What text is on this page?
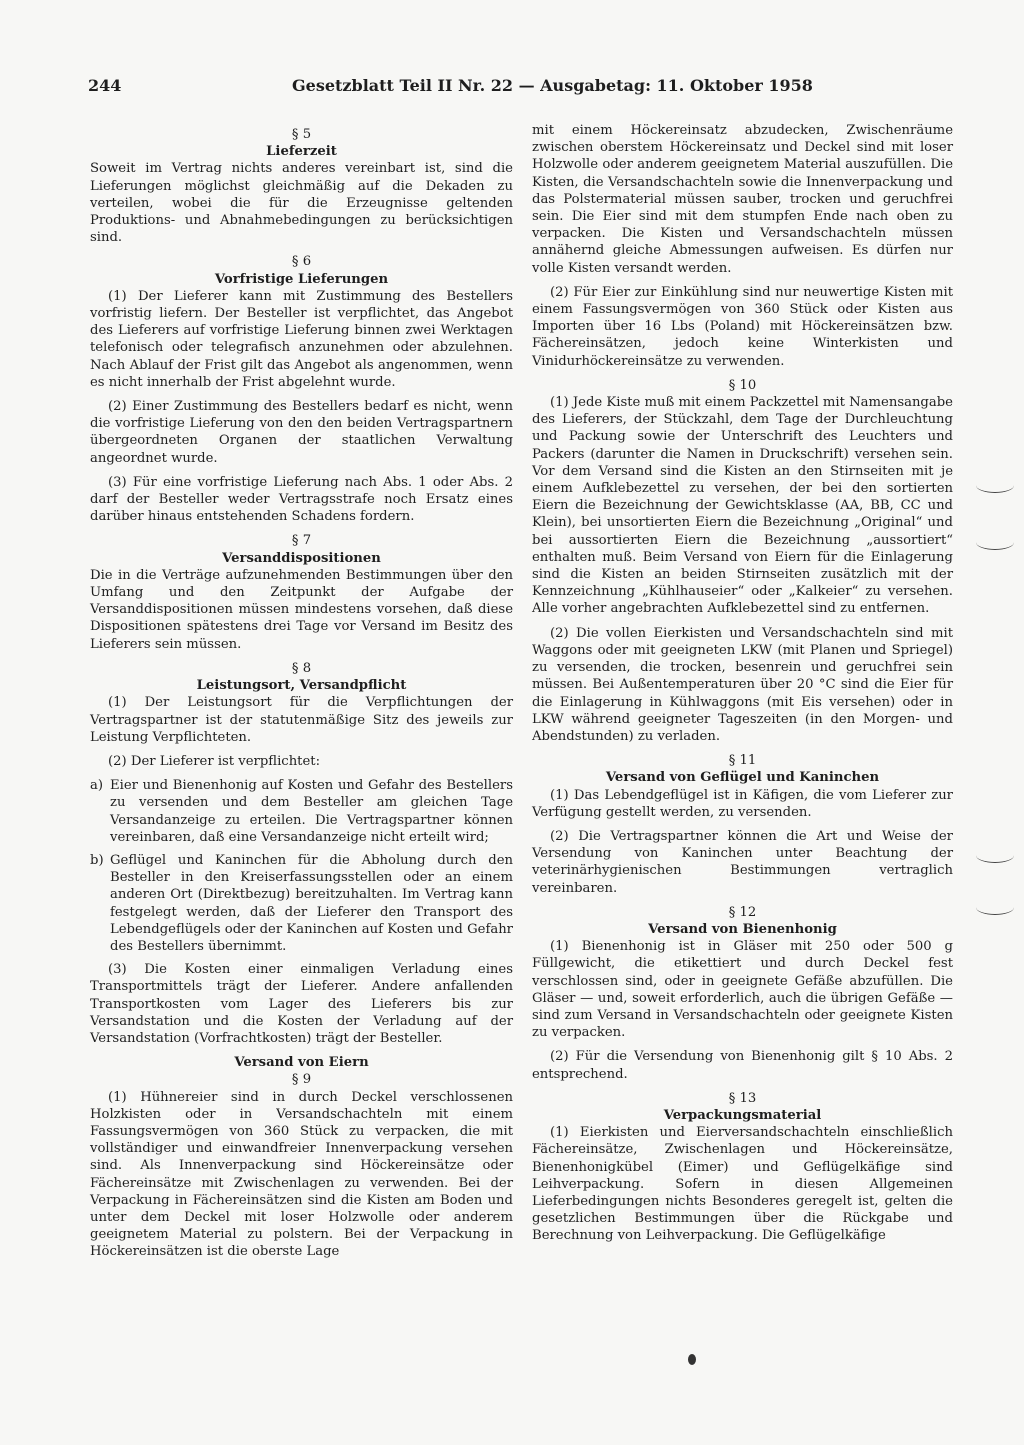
244	Gesetzblatt Teil II Nr. 22 — Ausgabetag: 11. Oktober 1958
§ 5
Lieferzeit

Soweit im Vertrag nichts anderes vereinbart ist, sind die Lieferungen möglichst gleichmäßig auf die Dekaden zu verteilen, wobei die für die Erzeugnisse geltenden Produktions- und Abnahmebedingungen zu berücksichtigen sind.

§ 6
Vorfristige Lieferungen

(1) Der Lieferer kann mit Zustimmung des Bestellers vorfristig liefern. Der Besteller ist verpflichtet, das Angebot des Lieferers auf vorfristige Lieferung binnen zwei Werktagen telefonisch oder telegrafisch anzunehmen oder abzulehnen. Nach Ablauf der Frist gilt das Angebot als angenommen, wenn es nicht innerhalb der Frist abgelehnt wurde.

(2) Einer Zustimmung des Bestellers bedarf es nicht, wenn die vorfristige Lieferung von den den beiden Vertragspartnern übergeordneten Organen der staatlichen Verwaltung angeordnet wurde.

(3) Für eine vorfristige Lieferung nach Abs. 1 oder Abs. 2 darf der Besteller weder Vertragsstrafe noch Ersatz eines darüber hinaus entstehenden Schadens fordern.

§ 7
Versanddispositionen

Die in die Verträge aufzunehmenden Bestimmungen über den Umfang und den Zeitpunkt der Aufgabe der Versanddispositionen müssen mindestens vorsehen, daß diese Dispositionen spätestens drei Tage vor Versand im Besitz des Lieferers sein müssen.

§ 8
Leistungsort, Versandpflicht

(1) Der Leistungsort für die Verpflichtungen der Vertragspartner ist der statutenmäßige Sitz des jeweils zur Leistung Verpflichteten.

(2) Der Lieferer ist verpflichtet:

a) Eier und Bienenhonig auf Kosten und Gefahr des Bestellers zu versenden und dem Besteller am gleichen Tage Versandanzeige zu erteilen. Die Vertragspartner können vereinbaren, daß eine Versandanzeige nicht erteilt wird;
b) Geflügel und Kaninchen für die Abholung durch den Besteller in den Kreiserfassungsstellen oder an einem anderen Ort (Direktbezug) bereitzuhalten. Im Vertrag kann festgelegt werden, daß der Lieferer den Transport des Lebendgeflügels oder der Kaninchen auf Kosten und Gefahr des Bestellers übernimmt.

(3) Die Kosten einer einmaligen Verladung eines Transportmittels trägt der Lieferer. Andere anfallenden Transportkosten vom Lager des Lieferers bis zur Versandstation und die Kosten der Verladung auf der Versandstation (Vorfrachtkosten) trägt der Besteller.

Versand von Eiern
§ 9

(1) Hühnereier sind in durch Deckel verschlossenen Holzkisten oder in Versandschachteln mit einem Fassungsvermögen von 360 Stück zu verpacken, die mit vollständiger und einwandfreier Innenverpackung versehen sind. Als Innenverpackung sind Höckereinsätze oder Fächereinsätze mit Zwischenlagen zu verwenden. Bei der Verpackung in Fächereinsätzen sind die Kisten am Boden und unter dem Deckel mit loser Holzwolle oder anderem geeignetem Material zu polstern. Bei der Verpackung in Höckereinsätzen ist die oberste Lage

mit einem Höckereinsatz abzudecken, Zwischenräume zwischen oberstem Höckereinsatz und Deckel sind mit loser Holzwolle oder anderem geeignetem Material auszufüllen. Die Kisten, die Versandschachteln sowie die Innenverpackung und das Polstermaterial müssen sauber, trocken und geruchfrei sein. Die Eier sind mit dem stumpfen Ende nach oben zu verpacken. Die Kisten und Versandschachteln müssen annähernd gleiche Abmessungen aufweisen. Es dürfen nur volle Kisten versandt werden.

(2) Für Eier zur Einkühlung sind nur neuwertige Kisten mit einem Fassungsvermögen von 360 Stück oder Kisten aus Importen über 16 Lbs (Poland) mit Höckereinsätzen bzw. Fächereinsätzen, jedoch keine Winterkisten und Vinidurhöckereinsätze zu verwenden.

§ 10

(1) Jede Kiste muß mit einem Packzettel mit Namensangabe des Lieferers, der Stückzahl, dem Tage der Durchleuchtung und Packung sowie der Unterschrift des Leuchters und Packers (darunter die Namen in Druckschrift) versehen sein. Vor dem Versand sind die Kisten an den Stirnseiten mit je einem Aufklebezettel zu versehen, der bei den sortierten Eiern die Bezeichnung der Gewichtsklasse (AA, BB, CC und Klein), bei unsortierten Eiern die Bezeichnung „Original“ und bei aussortierten Eiern die Bezeichnung „aussortiert“ enthalten muß. Beim Versand von Eiern für die Einlagerung sind die Kisten an beiden Stirnseiten zusätzlich mit der Kennzeichnung „Kühlhauseier“ oder „Kalkeier“ zu versehen. Alle vorher angebrachten Aufklebezettel sind zu entfernen.

(2) Die vollen Eierkisten und Versandschachteln sind mit Waggons oder mit geeigneten LKW (mit Planen und Spriegel) zu versenden, die trocken, besenrein und geruchfrei sein müssen. Bei Außentemperaturen über 20 °C sind die Eier für die Einlagerung in Kühlwaggons (mit Eis versehen) oder in LKW während geeigneter Tageszeiten (in den Morgen- und Abendstunden) zu verladen.

§ 11
Versand von Geflügel und Kaninchen

(1) Das Lebendgeflügel ist in Käfigen, die vom Lieferer zur Verfügung gestellt werden, zu versenden.

(2) Die Vertragspartner können die Art und Weise der Versendung von Kaninchen unter Beachtung der veterinärhygienischen Bestimmungen vertraglich vereinbaren.

§ 12
Versand von Bienenhonig

(1) Bienenhonig ist in Gläser mit 250 oder 500 g Füllgewicht, die etikettiert und durch Deckel fest verschlossen sind, oder in geeignete Gefäße abzufüllen. Die Gläser — und, soweit erforderlich, auch die übrigen Gefäße — sind zum Versand in Versandschachteln oder geeignete Kisten zu verpacken.

(2) Für die Versendung von Bienenhonig gilt § 10 Abs. 2 entsprechend.

§ 13
Verpackungsmaterial

(1) Eierkisten und Eierversandschachteln einschließlich Fächereinsätze, Zwischenlagen und Höckereinsätze, Bienenhonigkübel (Eimer) und Geflügelkäfige sind Leihverpackung. Sofern in diesen Allgemeinen Lieferbedingungen nichts Besonderes geregelt ist, gelten die gesetzlichen Bestimmungen über die Rückgabe und Berechnung von Leihverpackung. Die Geflügelkäfige
